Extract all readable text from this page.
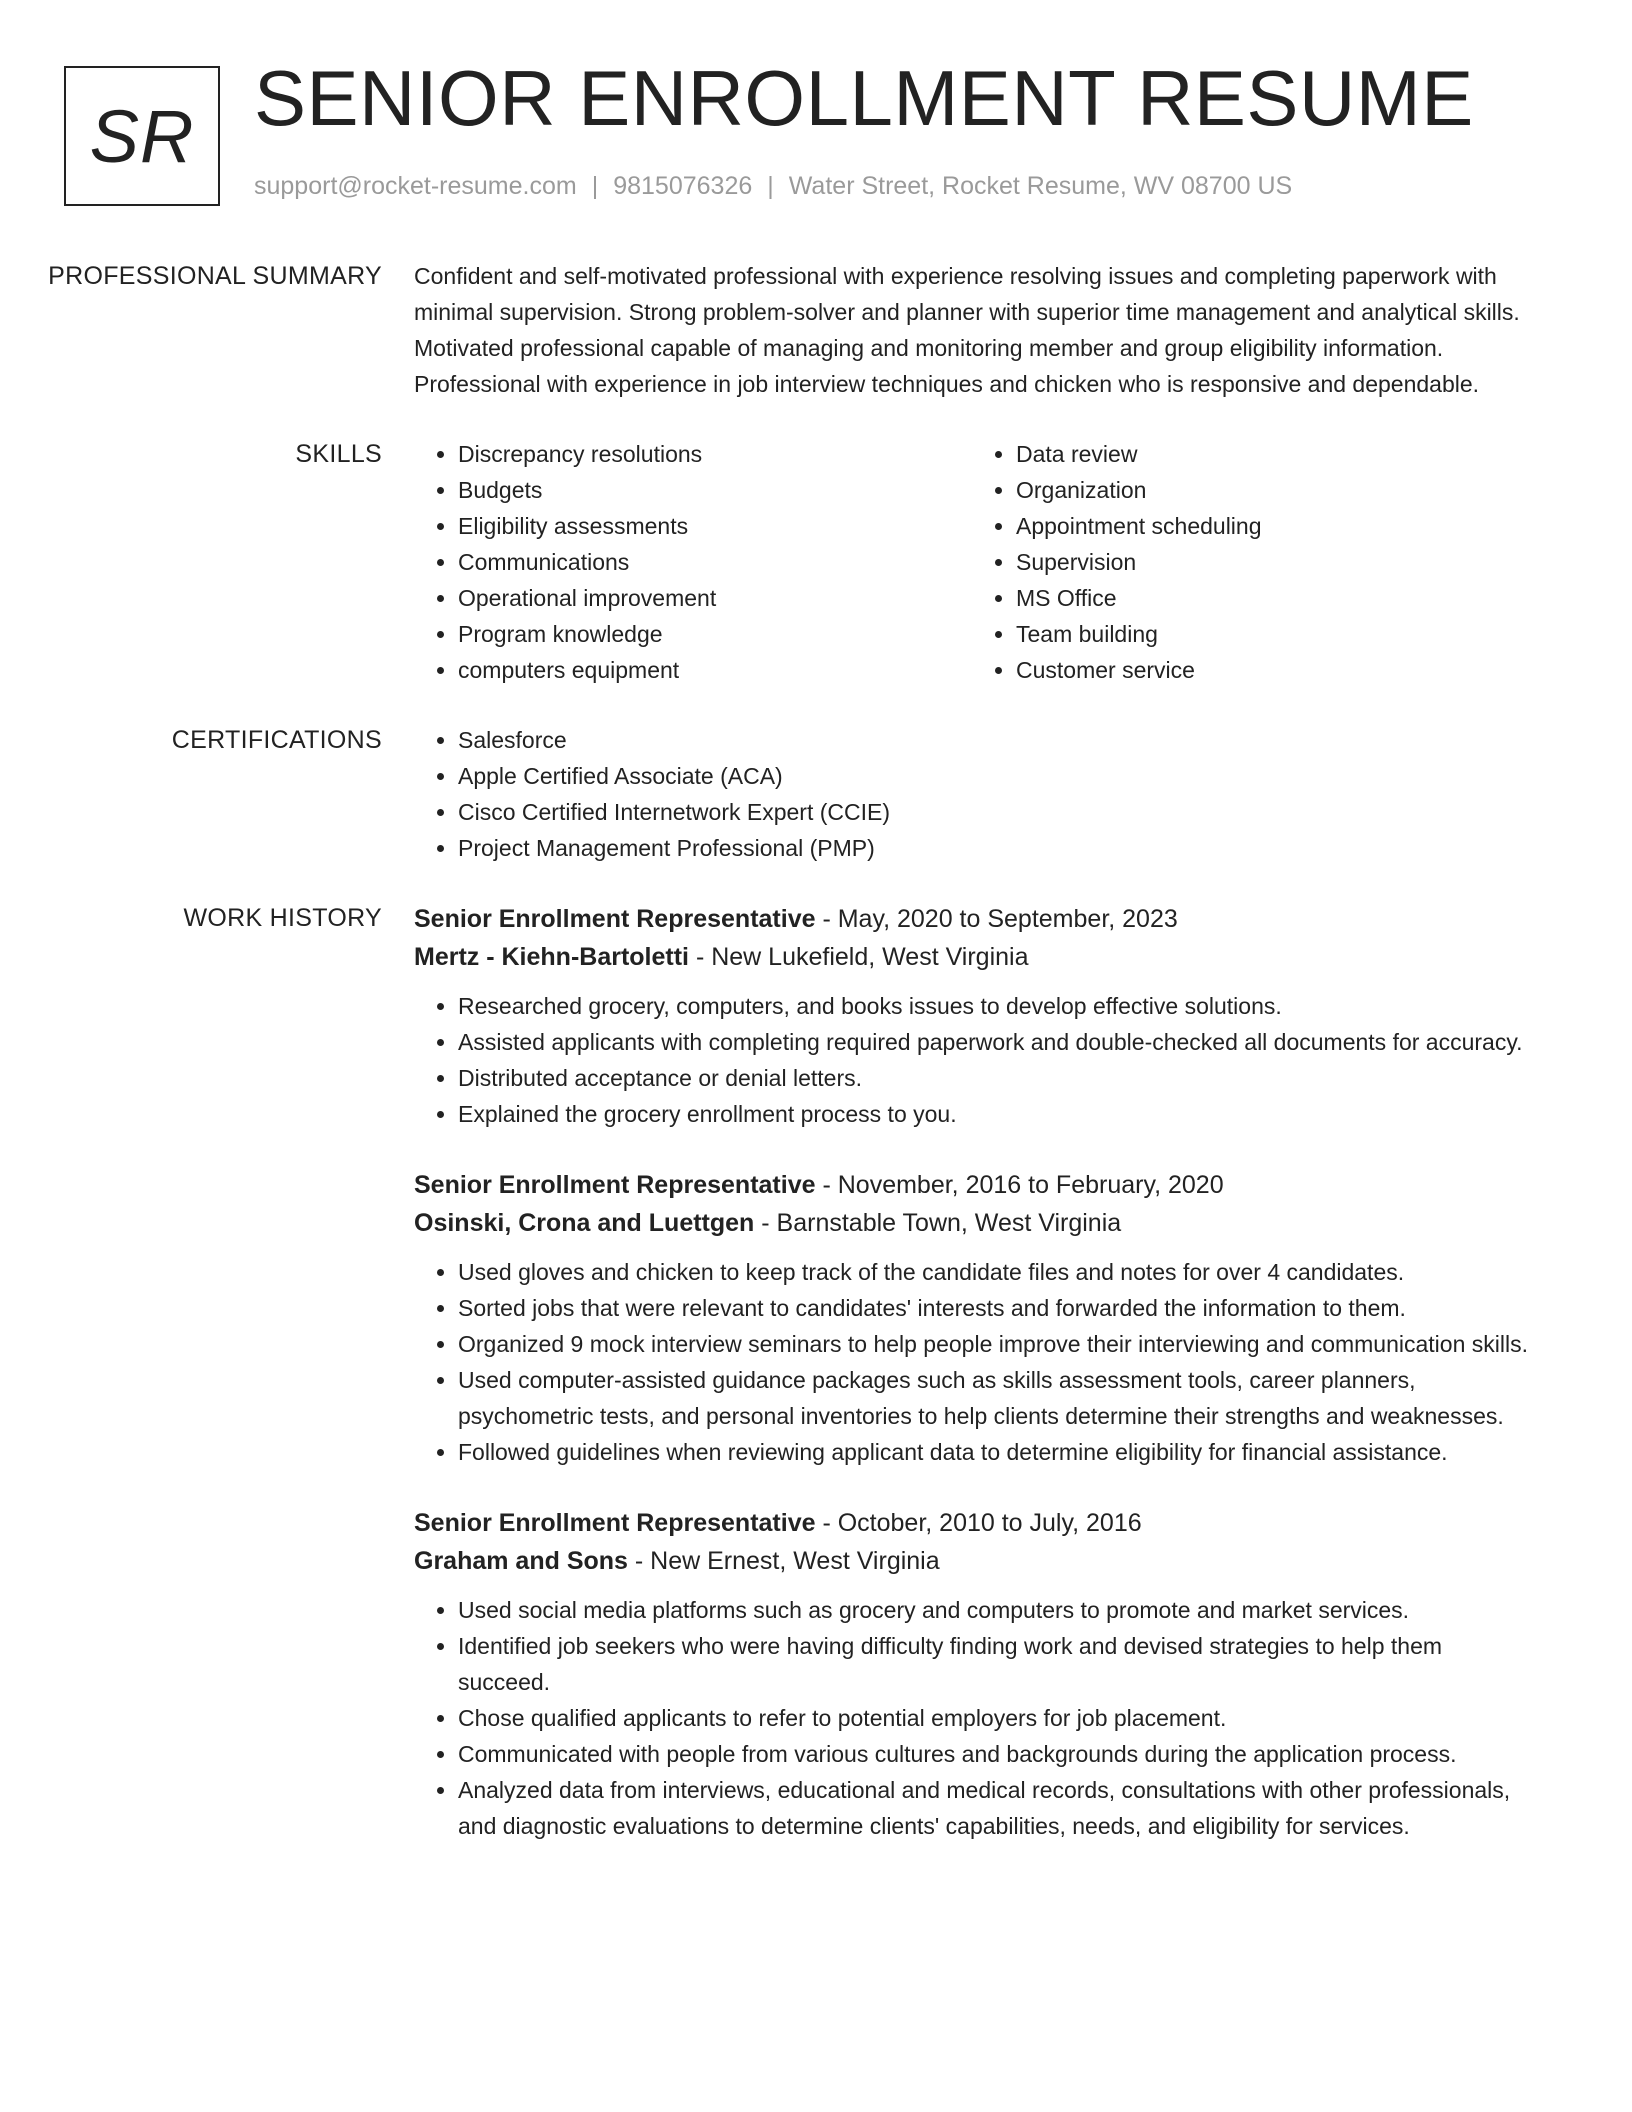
SR SENIOR ENROLLMENT RESUME
support@rocket-resume.com | 9815076326 | Water Street, Rocket Resume, WV 08700 US
PROFESSIONAL SUMMARY	Confident and self-motivated professional with experience resolving issues and completing paperwork with minimal supervision. Strong problem-solver and planner with superior time management and analytical skills. Motivated professional capable of managing and monitoring member and group eligibility information. Professional with experience in job interview techniques and chicken who is responsive and dependable.

SKILLS	• Discrepancy resolutions
• Budgets
• Eligibility assessments
• Communications
• Operational improvement
• Program knowledge
• computers equipment
• Data review
• Organization
• Appointment scheduling
• Supervision
• MS Office
• Team building
• Customer service
CERTIFICATIONS	• Salesforce
• Apple Certified Associate (ACA)
• Cisco Certified Internetwork Expert (CCIE)
• Project Management Professional (PMP)
WORK HISTORY	Senior Enrollment Representative - May, 2020 to September, 2023
Mertz - Kiehn-Bartoletti - New Lukefield, West Virginia
• Researched grocery, computers, and books issues to develop effective solutions.
• Assisted applicants with completing required paperwork and double-checked all documents for accuracy.
• Distributed acceptance or denial letters.
• Explained the grocery enrollment process to you.
Senior Enrollment Representative - November, 2016 to February, 2020
Osinski, Crona and Luettgen - Barnstable Town, West Virginia
• Used gloves and chicken to keep track of the candidate files and notes for over 4 candidates.
• Sorted jobs that were relevant to candidates' interests and forwarded the information to them.
• Organized 9 mock interview seminars to help people improve their interviewing and communication skills.
• Used computer-assisted guidance packages such as skills assessment tools, career planners, psychometric tests, and personal inventories to help clients determine their strengths and weaknesses.
• Followed guidelines when reviewing applicant data to determine eligibility for financial assistance.
Senior Enrollment Representative - October, 2010 to July, 2016
Graham and Sons - New Ernest, West Virginia
• Used social media platforms such as grocery and computers to promote and market services.
• Identified job seekers who were having difficulty finding work and devised strategies to help them succeed.
• Chose qualified applicants to refer to potential employers for job placement.
• Communicated with people from various cultures and backgrounds during the application process.
• Analyzed data from interviews, educational and medical records, consultations with other professionals, and diagnostic evaluations to determine clients' capabilities, needs, and eligibility for services.
